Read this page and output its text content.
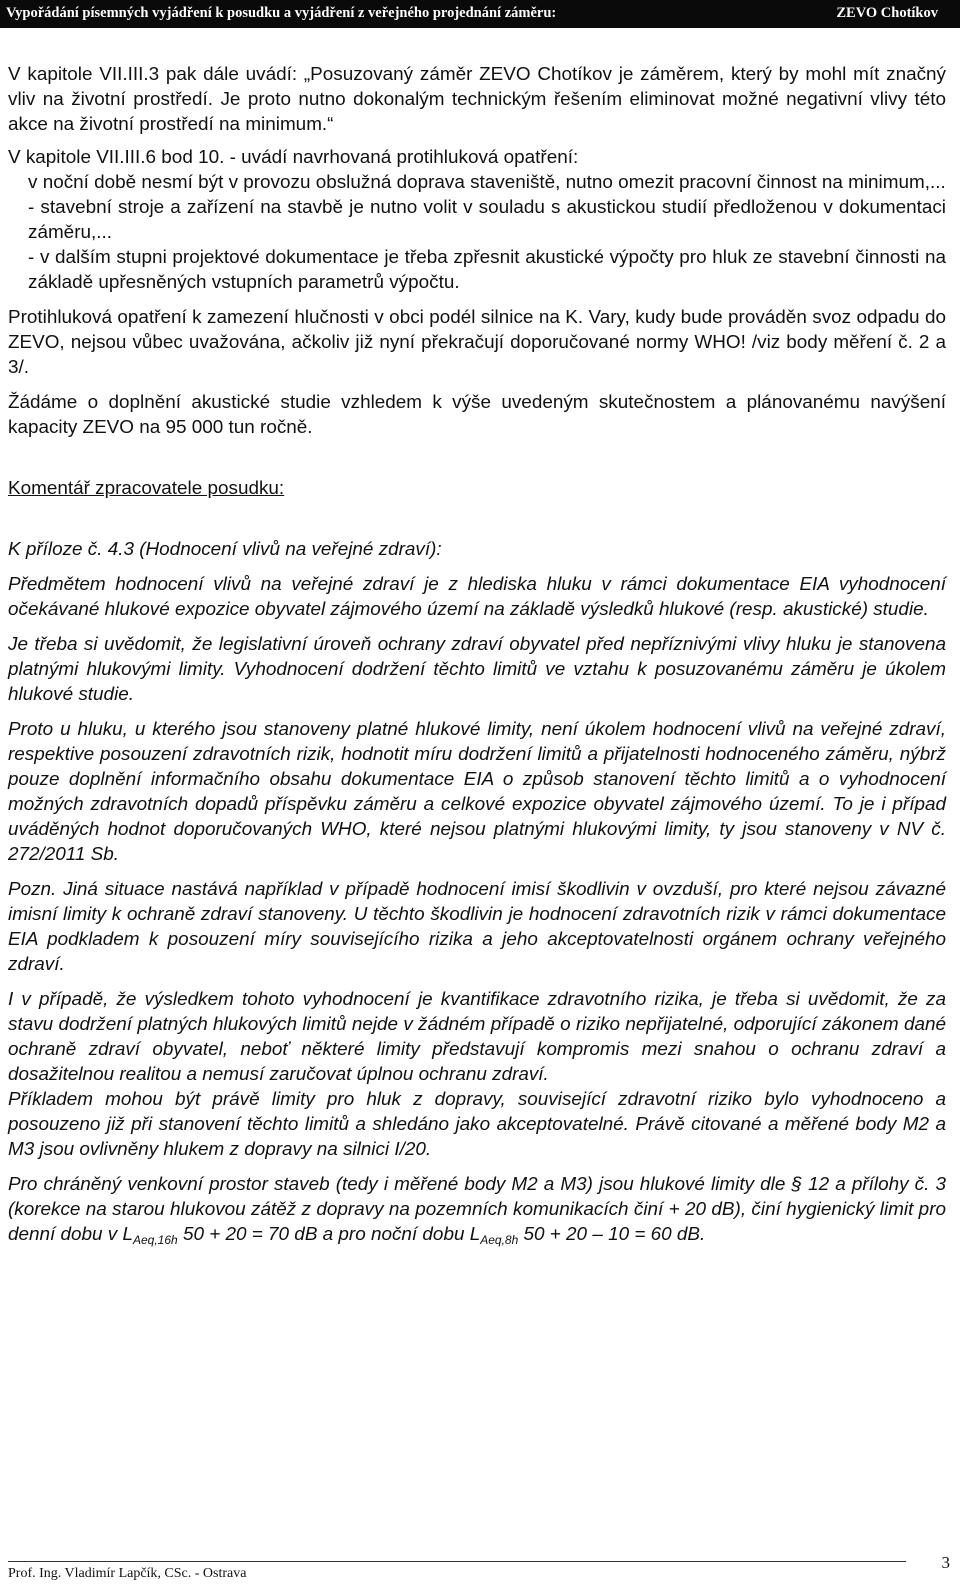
Vypořádání písemných vyjádření k posudku a vyjádření z veřejného projednání záměru:	ZEVO Chotíkov

V kapitole VII.III.3 pak dále uvádí: „Posuzovaný záměr ZEVO Chotíkov je záměrem, který by mohl mít značný vliv na životní prostředí. Je proto nutno dokonalým technickým řešením eliminovat možné negativní vlivy této akce na životní prostředí na minimum.“

V kapitole VII.III.6 bod 10. - uvádí navrhovaná protihluková opatření:

v noční době nesmí být v provozu obslužná doprava staveniště, nutno omezit pracovní činnost na minimum,...

- stavební stroje a zařízení na stavbě je nutno volit v souladu s akustickou studií předloženou v dokumentaci záměru,...

- v dalším stupni projektové dokumentace je třeba zpřesnit akustické výpočty pro hluk ze stavební činnosti na základě upřesněných vstupních parametrů výpočtu.

Protihluková opatření k zamezení hlučnosti v obci podél silnice na K. Vary, kudy bude prováděn svoz odpadu do ZEVO, nejsou vůbec uvažována, ačkoliv již nyní překračují doporučované normy WHO! /viz body měření č. 2 a 3/.

Žádáme o doplnění akustické studie vzhledem k výše uvedeným skutečnostem a plánovanému navýšení kapacity ZEVO na 95 000 tun ročně.

Komentář zpracovatele posudku:

K příloze č. 4.3 (Hodnocení vlivů na veřejné zdraví):

Předmětem hodnocení vlivů na veřejné zdraví je z hlediska hluku v rámci dokumentace EIA vyhodnocení očekávané hlukové expozice obyvatel zájmového území na základě výsledků hlukové (resp. akustické) studie.

Je třeba si uvědomit, že legislativní úroveň ochrany zdraví obyvatel před nepříznivými vlivy hluku je stanovena platnými hlukovými limity. Vyhodnocení dodržení těchto limitů ve vztahu k posuzovanému záměru je úkolem hlukové studie.

Proto u hluku, u kterého jsou stanoveny platné hlukové limity, není úkolem hodnocení vlivů na veřejné zdraví, respektive posouzení zdravotních rizik, hodnotit míru dodržení limitů a přijatelnosti hodnoceného záměru, nýbrž pouze doplnění informačního obsahu dokumentace EIA o způsob stanovení těchto limitů a o vyhodnocení možných zdravotních dopadů příspěvku záměru a celkové expozice obyvatel zájmového území. To je i případ uváděných hodnot doporučovaných WHO, které nejsou platnými hlukovými limity, ty jsou stanoveny v NV č. 272/2011 Sb.

Pozn. Jiná situace nastává například v případě hodnocení imisí škodlivin v ovzduší, pro které nejsou závazné imisní limity k ochraně zdraví stanoveny. U těchto škodlivin je hodnocení zdravotních rizik v rámci dokumentace EIA podkladem k posouzení míry souvisejícího rizika a jeho akceptovatelnosti orgánem ochrany veřejného zdraví.

I v případě, že výsledkem tohoto vyhodnocení je kvantifikace zdravotního rizika, je třeba si uvědomit, že za stavu dodržení platných hlukových limitů nejde v žádném případě o riziko nepřijatelné, odporující zákonem dané ochraně zdraví obyvatel, neboť některé limity představují kompromis mezi snahou o ochranu zdraví a dosažitelnou realitou a nemusí zaručovat úplnou ochranu zdraví.

Příkladem mohou být právě limity pro hluk z dopravy, související zdravotní riziko bylo vyhodnoceno a posouzeno již při stanovení těchto limitů a shledáno jako akceptovatelné. Právě citované a měřené body M2 a M3 jsou ovlivněny hlukem z dopravy na silnici I/20.

Pro chráněný venkovní prostor staveb (tedy i měřené body M2 a M3) jsou hlukové limity dle § 12 a přílohy č. 3 (korekce na starou hlukovou zátěž z dopravy na pozemních komunikacích činí + 20 dB), činí hygienický limit pro denní dobu v $L_{Aeq,16h}$ 50 + 20 = 70 dB a pro noční dobu $L_{Aeq,8h}$ 50 + 20 – 10 = 60 dB.

Prof. Ing. Vladimír Lapčík, CSc. - Ostrava
3
